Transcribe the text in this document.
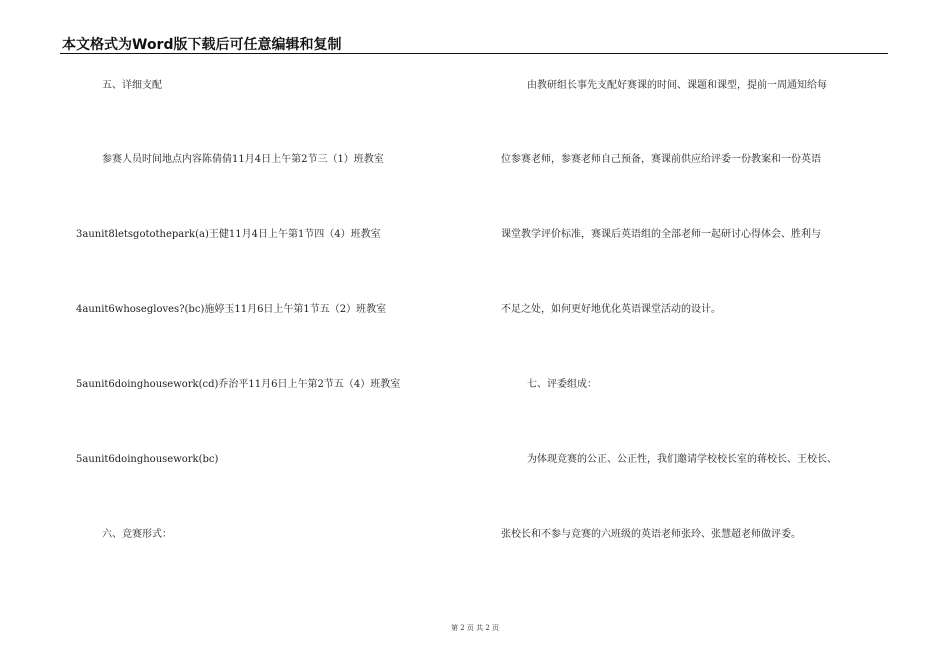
本文格式为Word版下载后可任意编辑和复制
五、详细支配
参赛人员时间地点内容陈倩倩11月4日上午第2节三（1）班教室
3aunit8letsgotothepark(a)王健11月4日上午第1节四（4）班教室
4aunit6whosegloves?(bc)施婷玉11月6日上午第1节五（2）班教室
5aunit6doinghousework(cd)乔治平11月6日上午第2节五（4）班教室
5aunit6doinghousework(bc)
六、竞赛形式：
由教研组长事先支配好赛课的时间、课题和课型，提前一周通知给每
位参赛老师，参赛老师自己预备，赛课前供应给评委一份教案和一份英语
课堂教学评价标准，赛课后英语组的全部老师一起研讨心得体会、胜利与
不足之处，如何更好地优化英语课堂活动的设计。
七、评委组成：
为体现竞赛的公正、公正性，我们邀请学校校长室的蒋校长、王校长、
张校长和不参与竞赛的六班级的英语老师张玲、张慧超老师做评委。
第 2 页 共 2 页
